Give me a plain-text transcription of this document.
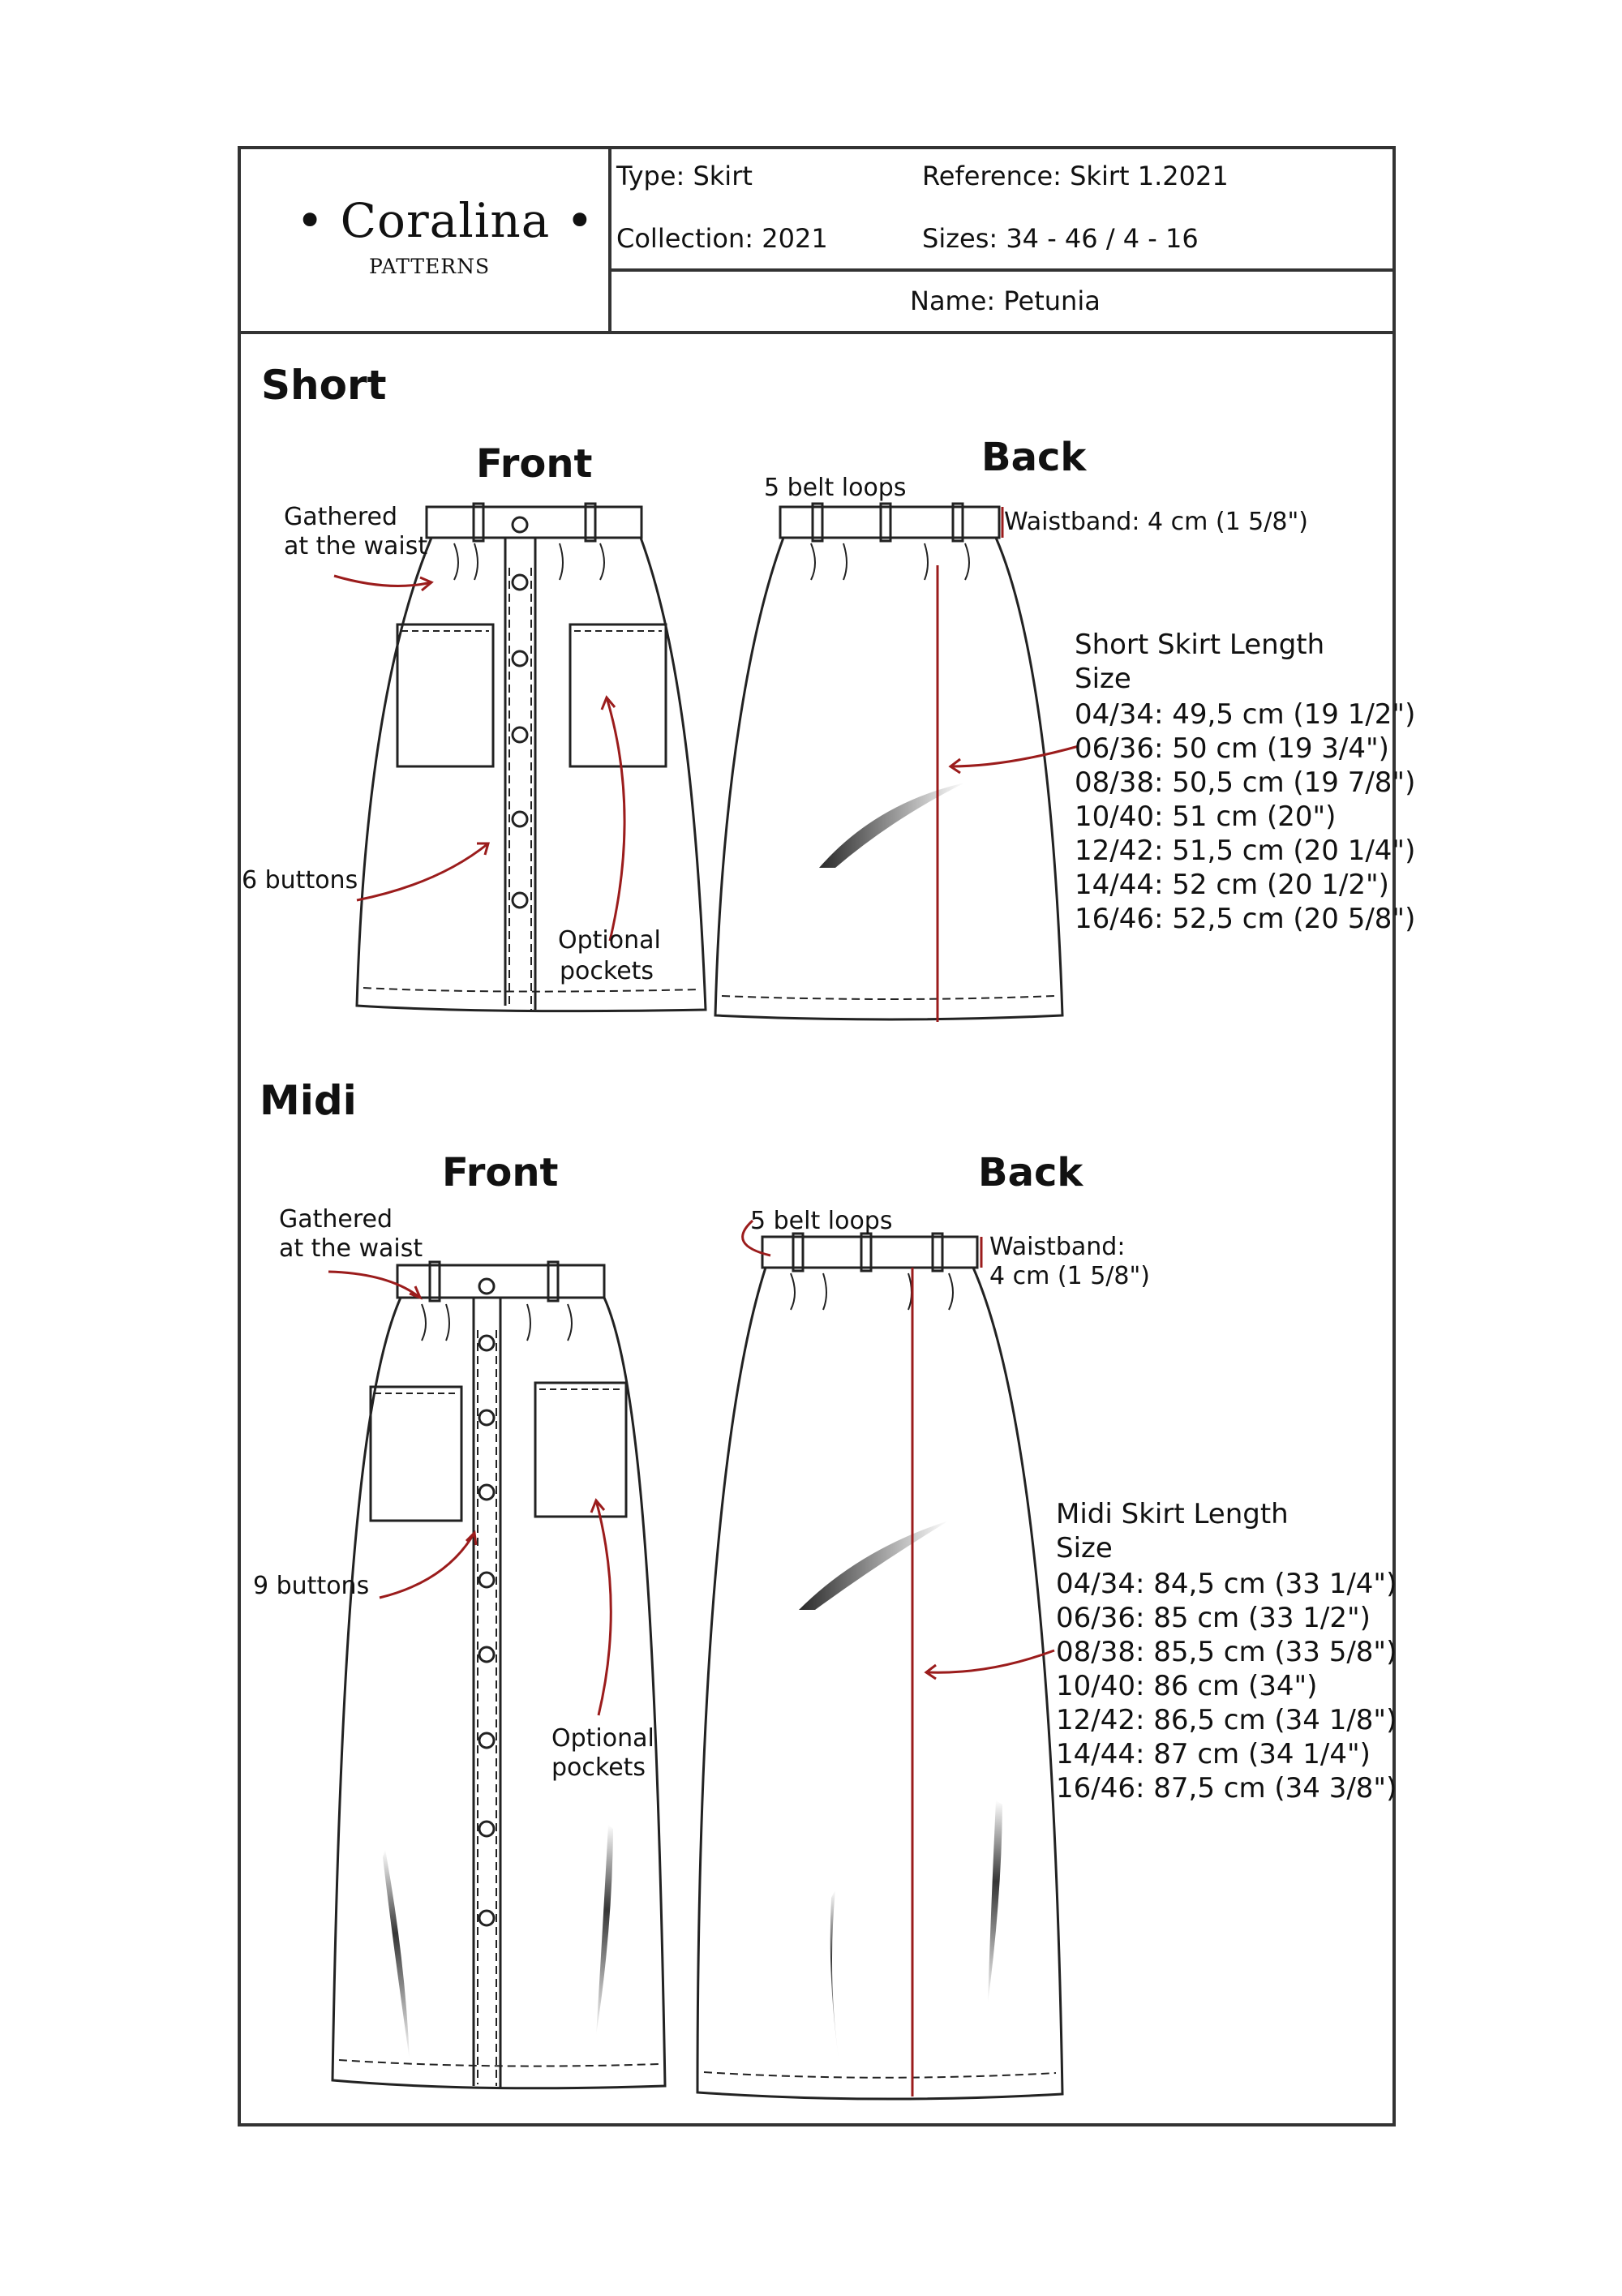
• Coralina •
PATTERNS
Type: Skirt	Reference: Skirt 1.2021
Collection: 2021	Sizes: 34 - 46 / 4 - 16
Name: Petunia
Short
Front	Back
Gathered
at the waist
6 buttons
Optional
pockets
5 belt loops
Waistband: 4 cm (1 5/8")
Short Skirt Length
Size
04/34: 49,5 cm (19 1/2")
06/36: 50 cm (19 3/4")
08/38: 50,5 cm (19 7/8")
10/40: 51 cm (20")
12/42: 51,5 cm (20 1/4")
14/44: 52 cm (20 1/2")
16/46: 52,5 cm (20 5/8")
Midi
Front	Back
Gathered
at the waist
9 buttons
Optional
pockets
5 belt loops
Waistband:
4 cm (1 5/8")
Midi Skirt Length
Size
04/34: 84,5 cm (33 1/4")
06/36: 85 cm (33 1/2")
08/38: 85,5 cm (33 5/8")
10/40: 86 cm (34")
12/42: 86,5 cm (34 1/8")
14/44: 87 cm (34 1/4")
16/46: 87,5 cm (34 3/8")
